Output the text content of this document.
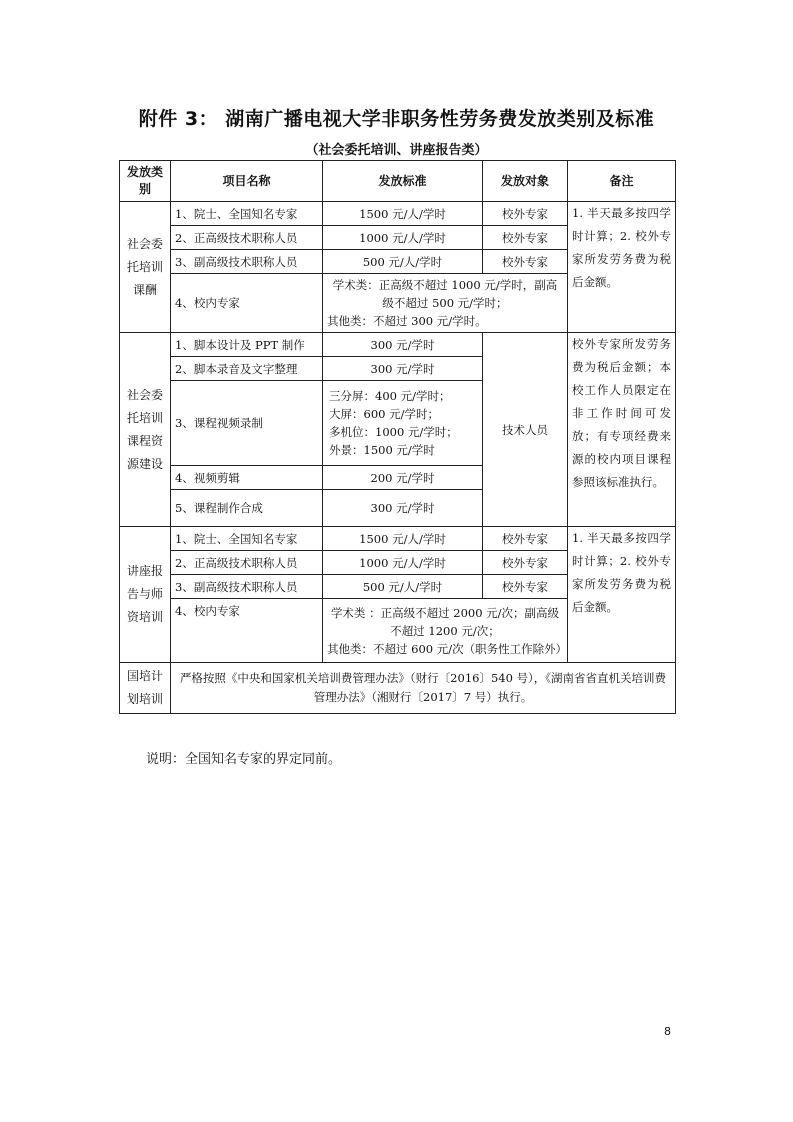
附件 3： 湖南广播电视大学非职务性劳务费发放类别及标准
（社会委托培训、讲座报告类）
发放类别	项目名称	发放标准	发放对象	备注
社会委托培训课酬	1、院士、全国知名专家	1500 元/人/学时	校外专家	1. 半天最多按四学时计算；2. 校外专家所发劳务费为税后金额。
	2、正高级技术职称人员	1000 元/人/学时	校外专家	
	3、副高级技术职称人员	500 元/人/学时	校外专家	
	4、校内专家	学术类：正高级不超过 1000 元/学时，副高
级不超过 500 元/学时；
其他类：不超过 300 元/学时。		

社会委托培训课程资源建设	1、脚本设计及 PPT 制作	300 元/学时	技术人员	校外专家所发劳务费为税后金额；本校工作人员限定在非工作时间可发放；有专项经费来源的校内项目课程参照该标准执行。
	2、脚本录音及文字整理	300 元/学时		
	3、课程视频录制	三分屏：400 元/学时；
大屏：600 元/学时；
多机位：1000 元/学时；
外景：1500 元/学时		

	4、视频剪辑	200 元/学时		
	5、课程制作合成	300 元/学时		
讲座报告与师资培训	1、院士、全国知名专家	1500 元/人/学时	校外专家	1. 半天最多按四学时计算；2. 校外专家所发劳务费为税后金额。
	2、正高级技术职称人员	1000 元/人/学时	校外专家	
	3、副高级技术职称人员	500 元/人/学时	校外专家	
	4、校内专家	学术类 ：正高级不超过 2000 元/次；副高级
不超过 1200 元/次；
其他类：不超过 600 元/次（职务性工作除外）		

国培计划培训	严格按照《中央和国家机关培训费管理办法》（财行〔2016〕540 号），《湖南省省直机关培训费管理办法》（湘财行〔2017〕7 号）执行。			
说明：全国知名专家的界定同前。
8
